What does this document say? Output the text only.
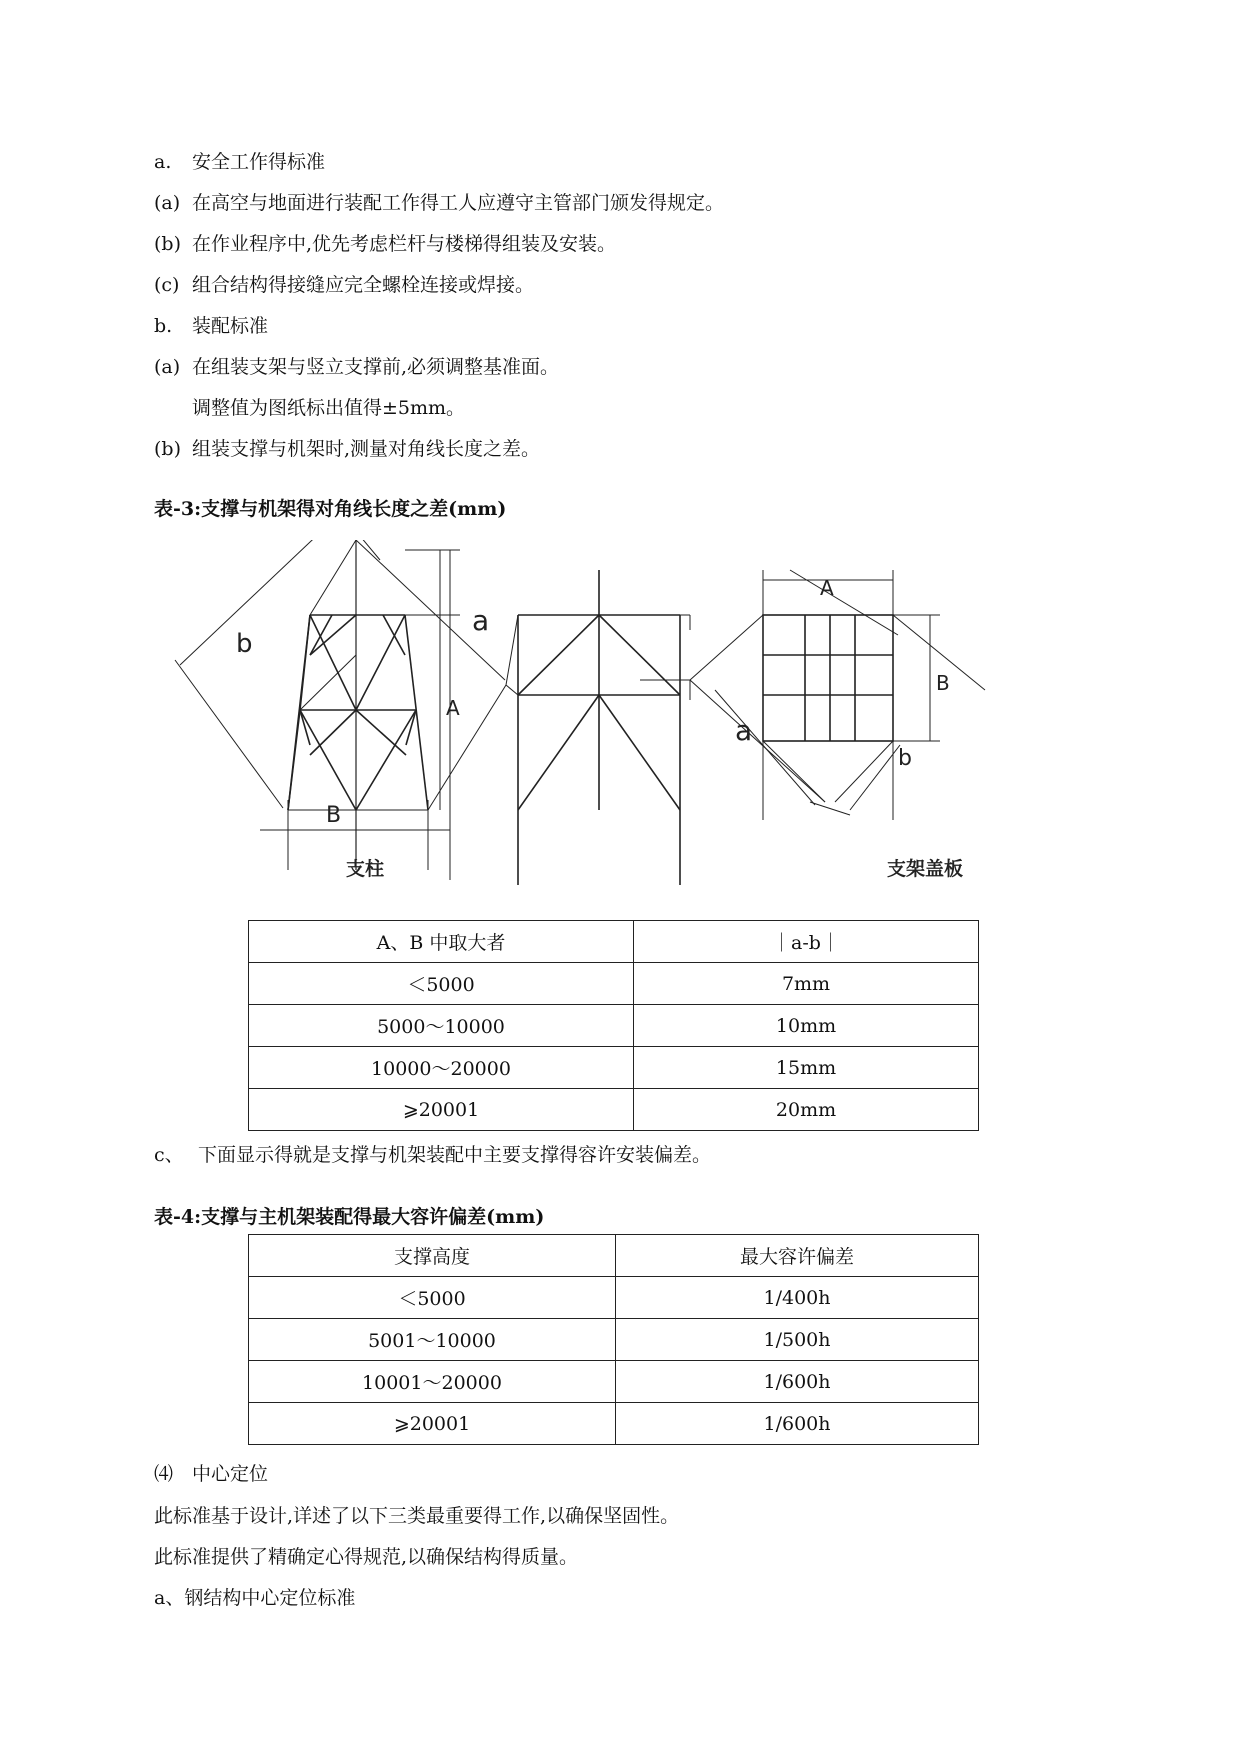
a. 安全工作得标准
(a) 在高空与地面进行装配工作得工人应遵守主管部门颁发得规定。
(b) 在作业程序中,优先考虑栏杆与楼梯得组装及安装。
(c) 组合结构得接缝应完全螺栓连接或焊接。
b. 装配标准
(a) 在组装支架与竖立支撑前,必须调整基准面。
调整值为图纸标出值得±5mm。
(b) 组装支撑与机架时,测量对角线长度之差。
表-3:支撑与机架得对角线长度之差(mm)
b
B
a
A
支柱
A
B
a
b
支架盖板
A、B 中取大者	｜a-b｜
＜5000	7mm
5000～10000	10mm
10000～20000	15mm
⩾20001	20mm
c、 下面显示得就是支撑与机架装配中主要支撑得容许安装偏差。
表-4:支撑与主机架装配得最大容许偏差(mm)
支撑高度	最大容许偏差
＜5000	1/400h
5001～10000	1/500h
10001～20000	1/600h
⩾20001	1/600h
⑷ 中心定位
此标准基于设计,详述了以下三类最重要得工作,以确保坚固性。
此标准提供了精确定心得规范,以确保结构得质量。
a、钢结构中心定位标准
